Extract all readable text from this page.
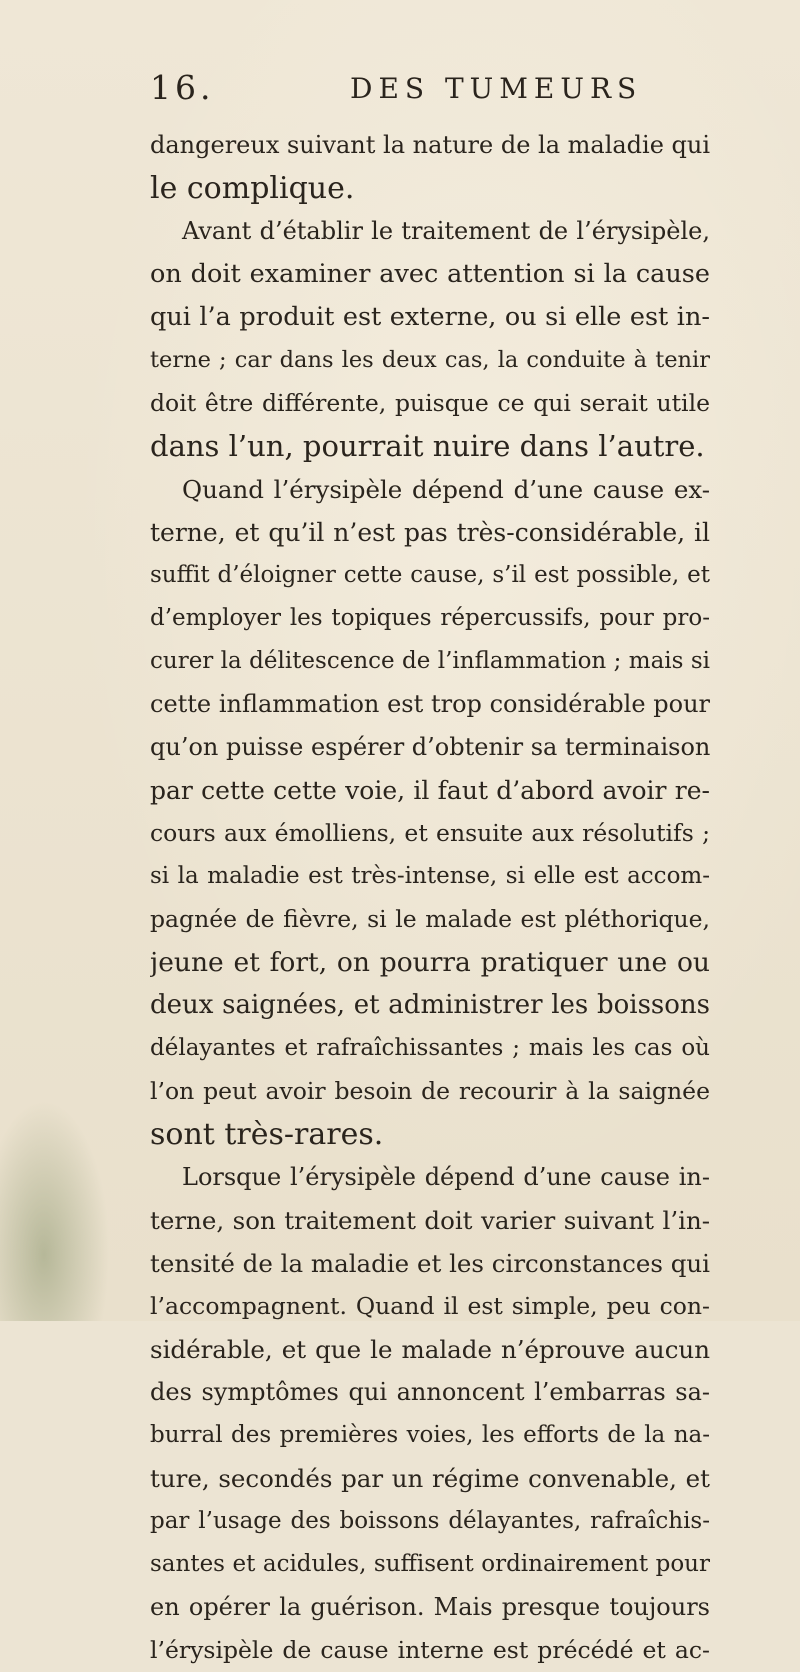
16.	DES TUMEURS
dangereux suivant la nature de la maladie qui
le complique.
Avant d’établir le traitement de l’érysipèle,
on doit examiner avec attention si la cause
qui l’a produit est externe, ou si elle est in-
terne ; car dans les deux cas, la conduite à tenir
doit être différente, puisque ce qui serait utile
dans l’un, pourrait nuire dans l’autre.
Quand l’érysipèle dépend d’une cause ex-
terne, et qu’il n’est pas très-considérable, il
suffit d’éloigner cette cause, s’il est possible, et
d’employer les topiques répercussifs, pour pro-
curer la délitescence de l’inflammation ; mais si
cette inflammation est trop considérable pour
qu’on puisse espérer d’obtenir sa terminaison
par cette cette voie, il faut d’abord avoir re-
cours aux émolliens, et ensuite aux résolutifs ;
si la maladie est très-intense, si elle est accom-
pagnée de fièvre, si le malade est pléthorique,
jeune et fort, on pourra pratiquer une ou
deux saignées, et administrer les boissons
délayantes et rafraîchissantes ; mais les cas où
l’on peut avoir besoin de recourir à la saignée
sont très-rares.
Lorsque l’érysipèle dépend d’une cause in-
terne, son traitement doit varier suivant l’in-
tensité de la maladie et les circonstances qui
l’accompagnent. Quand il est simple, peu con-
sidérable, et que le malade n’éprouve aucun
des symptômes qui annoncent l’embarras sa-
burral des premières voies, les efforts de la na-
ture, secondés par un régime convenable, et
par l’usage des boissons délayantes, rafraîchis-
santes et acidules, suffisent ordinairement pour
en opérer la guérison. Mais presque toujours
l’érysipèle de cause interne est précédé et ac-
